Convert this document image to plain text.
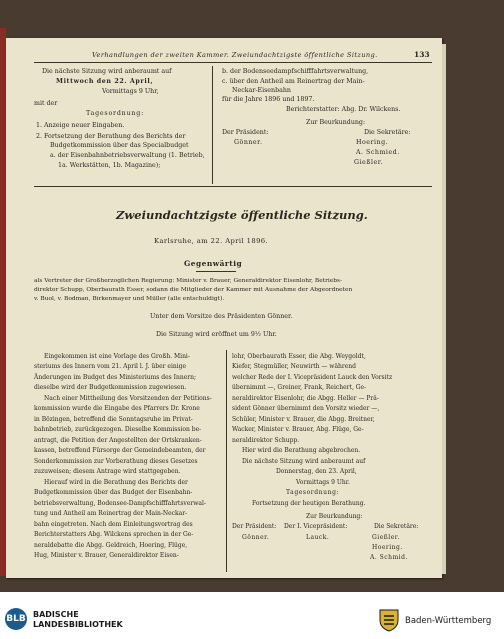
Verhandlungen der zweiten Kammer. Zweiundachtzigste öffentliche Sitzung.	133
Die nächste Sitzung wird anberaumt auf
Mittwoch den 22. April,
Vormittags 9 Uhr,
mit der
Tagesordnung:
1. Anzeige neuer Eingaben.
2. Fortsetzung der Berathung des Berichts der
Budgetkommission über das Specialbudget
a. der Eisenbahnbetriebsverwaltung (1. Betrieb,
1a. Werkstätten, 1b. Magazine);
b. der Bodenseedampfschifffahrtsverwaltung,
c. über den Antheil am Reinertrag der Main-
Neckar-Eisenbahn
für die Jahre 1896 und 1897.
Berichterstatter: Abg. Dr. Wilckens.
Zur Beurkundung:
Der Präsident:	Die Sekretäre:
Gönner.	Hoering.
A. Schmied.
Gießler.
Zweiundachtzigste öffentliche Sitzung.
Karlsruhe, am 22. April 1896.
Gegenwärtig
als Vertreter der Großherzoglichen Regierung: Minister v. Brauer, Generaldirektor Eisenlohr, Betriebs-
direktor Schupp, Oberbaurath Esser, sodann die Mitglieder der Kammer mit Ausnahme der Abgeordneten
v. Buol, v. Bodman, Birkenmayer und Müller (alle entschuldigt).
Unter dem Vorsitze des Präsidenten Gönner.
Die Sitzung wird eröffnet um 9½ Uhr.
Eingekommen ist eine Vorlage des Großh. Mini-
steriums des Innern vom 21. April l. J. über einige
Änderungen im Budget des Ministeriums des Innern;
dieselbe wird der Budgetkommission zugewiesen.
Nach einer Mittheilung des Vorsitzenden der Petitions-
kommission wurde die Eingabe des Pfarrers Dr. Krone
in Bözingen, betreffend die Sonntagsruhe im Privat-
bahnbetrieb, zurückgezogen. Dieselbe Kommission be-
antragt, die Petition der Angestellten der Ortskranken-
kassen, betreffend Fürsorge der Gemeindebeamten, der
Sonderkommission zur Vorberathung dieses Gesetzes
zuzuweisen; diesem Antrage wird stattgegeben.
Hierauf wird in die Berathung des Berichts der
Budgetkommission über das Budget der Eisenbahn-
betriebsverwaltung, Bodensee-Dampfschifffahrtsverwal-
tung und Antheil am Reinertrag der Main-Neckar-
bahn eingetreten. Nach dem Einleitungsvortrag des
Berichterstatters Abg. Wilckens sprechen in der Ge-
neraldebatte die Abgg. Geldreich, Hoering, Flüge,
Hug, Minister v. Brauer, Generaldirektor Eisen-
lohr, Oberbaurath Esser, die Abg. Weygoldt,
Kiefer, Stegmüller, Neuwirth — während
welcher Rede der I. Vicepräsident Lauck den Vorsitz
übernimmt —, Greiner, Frank, Reichert, Ge-
neraldirektor Eisenlohr, die Abgg. Heller — Prä-
sident Gönner übernimmt den Vorsitz wieder —,
Schüler, Minister v. Brauer, die Abgg. Breitner,
Wacker, Minister v. Brauer, Abg. Flüge, Ge-
neraldirektor Schupp.
Hier wird die Berathung abgebrochen.
Die nächste Sitzung wird anberaumt auf
Donnerstag, den 23. April,
Vormittags 9 Uhr.
Tagesordnung:
Fortsetzung der heutigen Berathung.
Zur Beurkundung:
Der Präsident: Der I. Vicepräsident:	Die Sekretäre:
Gönner.	Lauck.	Gießler.
Hoering.
A. Schmid.
BLB BADISCHE
LANDESBIBLIOTHEK	Baden-Württemberg
